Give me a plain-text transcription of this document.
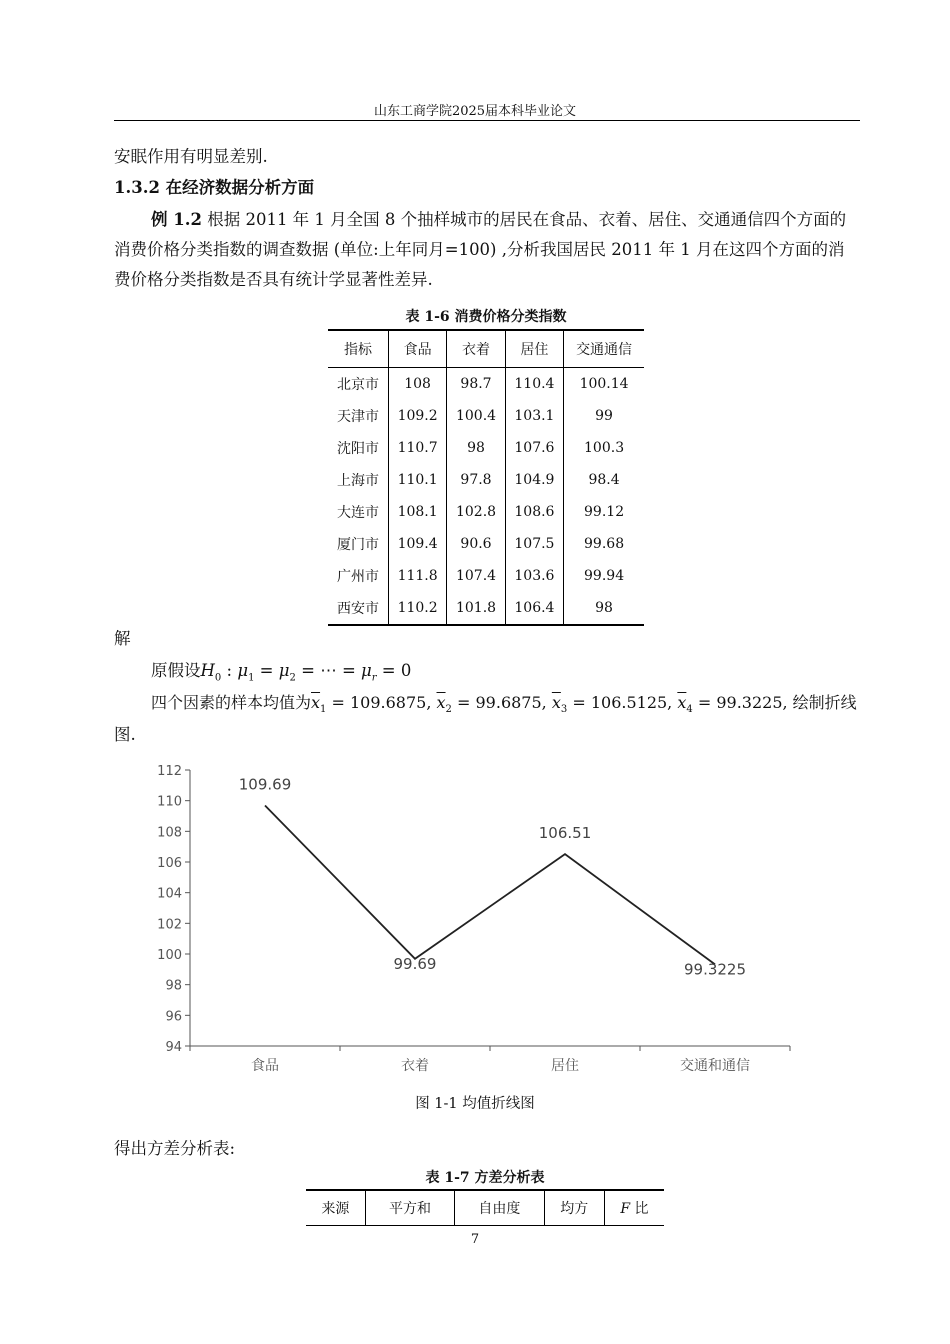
山东工商学院2025届本科毕业论文
安眠作用有明显差别.
1.3.2 在经济数据分析方面
例 1.2 根据 2011 年 1 月全国 8 个抽样城市的居民在食品、衣着、居住、交通通信四个方面的消费价格分类指数的调查数据 (单位:上年同月=100) ,分析我国居民 2011 年 1 月在这四个方面的消费价格分类指数是否具有统计学显著性差异.
表 1-6 消费价格分类指数
指标	食品	衣着	居住	交通通信
北京市	108	98.7	110.4	100.14
天津市	109.2	100.4	103.1	99
沈阳市	110.7	98	107.6	100.3
上海市	110.1	97.8	104.9	98.4
大连市	108.1	102.8	108.6	99.12
厦门市	109.4	90.6	107.5	99.68
广州市	111.8	107.4	103.6	99.94
西安市	110.2	101.8	106.4	98
解
原假设$H_0$ : $\mu_1 = \mu_2$ = ⋯ = $\mu_r = 0$
四个因素的样本均值为$\overline{x}_1 = 109.6875$, $\overline{x}_2 = 99.6875$, $\overline{x}_3 = 106.5125$, $\overline{x}_4 = 99.3225$, 绘制折线
图.
94
96
98
100
102
104
106
108
110
112
食品	衣着	居住	交通和通信
109.69
99.69
106.51
99.3225
图 1-1 均值折线图
得出方差分析表:
表 1-7 方差分析表
来源	平方和	自由度	均方	F 比
7
